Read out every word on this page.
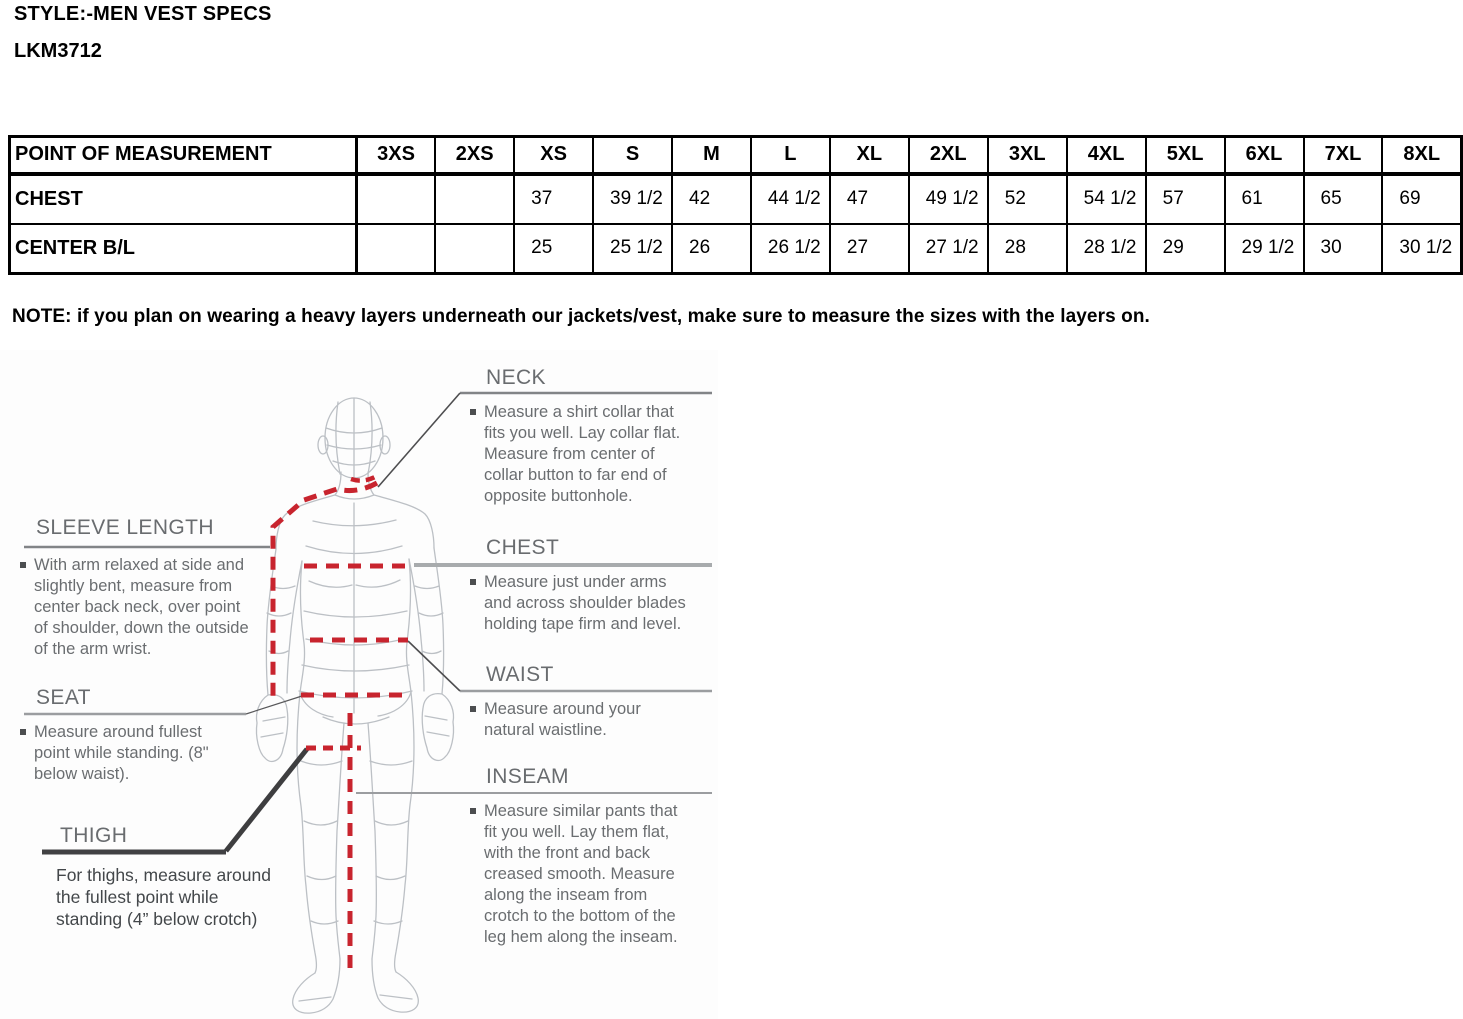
STYLE:-MEN VEST SPECS
LKM3712
POINT OF MEASUREMENT	3XS	2XS	XS	S	M	L	XL	2XL	3XL	4XL	5XL	6XL	7XL	8XL
CHEST			37	39 1/2	42	44 1/2	47	49 1/2	52	54 1/2	57	61	65	69
CENTER B/L			25	25 1/2	26	26 1/2	27	27 1/2	28	28 1/2	29	29 1/2	30	30 1/2
NOTE: if you plan on wearing a heavy layers underneath our jackets/vest, make sure to measure the sizes with the layers on.
NECK
Measure a shirt collar that fits you well. Lay collar flat. Measure from center of collar button to far end of opposite buttonhole.
CHEST
Measure just under arms and across shoulder blades holding tape firm and level.
WAIST
Measure around your natural waistline.
INSEAM
Measure similar pants that fit you well. Lay them flat, with the front and back creased smooth. Measure along the inseam from crotch to the bottom of the leg hem along the inseam.
SLEEVE LENGTH
With arm relaxed at side and slightly bent, measure from center back neck, over point of shoulder, down the outside of the arm wrist.
SEAT
Measure around fullest point while standing. (8" below waist).
THIGH
For thighs, measure around the fullest point while standing (4” below crotch)
